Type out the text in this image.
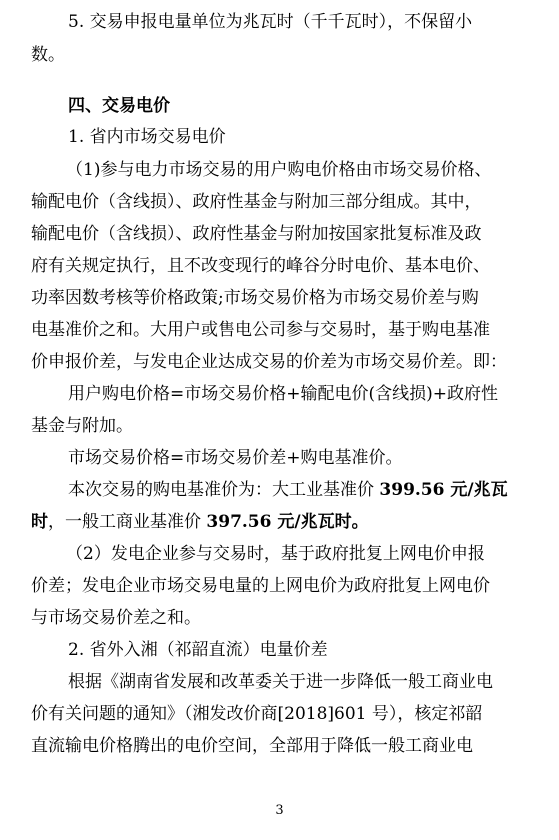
5. 交易申报电量单位为兆瓦时（千千瓦时），不保留小
数。
四、交易电价
1. 省内市场交易电价
（1)参与电力市场交易的用户购电价格由市场交易价格、
输配电价（含线损）、政府性基金与附加三部分组成。其中，
输配电价（含线损）、政府性基金与附加按国家批复标准及政
府有关规定执行，且不改变现行的峰谷分时电价、基本电价、
功率因数考核等价格政策;市场交易价格为市场交易价差与购
电基准价之和。大用户或售电公司参与交易时，基于购电基准
价申报价差，与发电企业达成交易的价差为市场交易价差。即：
用户购电价格=市场交易价格+输配电价(含线损)+政府性
基金与附加。
市场交易价格=市场交易价差+购电基准价。
本次交易的购电基准价为：大工业基准价 399.56 元/兆瓦
时，一般工商业基准价 397.56 元/兆瓦时。
（2）发电企业参与交易时，基于政府批复上网电价申报
价差；发电企业市场交易电量的上网电价为政府批复上网电价
与市场交易价差之和。
2. 省外入湘（祁韶直流）电量价差
根据《湖南省发展和改革委关于进一步降低一般工商业电
价有关问题的通知》（湘发改价商[2018]601 号），核定祁韶
直流输电价格腾出的电价空间，全部用于降低一般工商业电
3
